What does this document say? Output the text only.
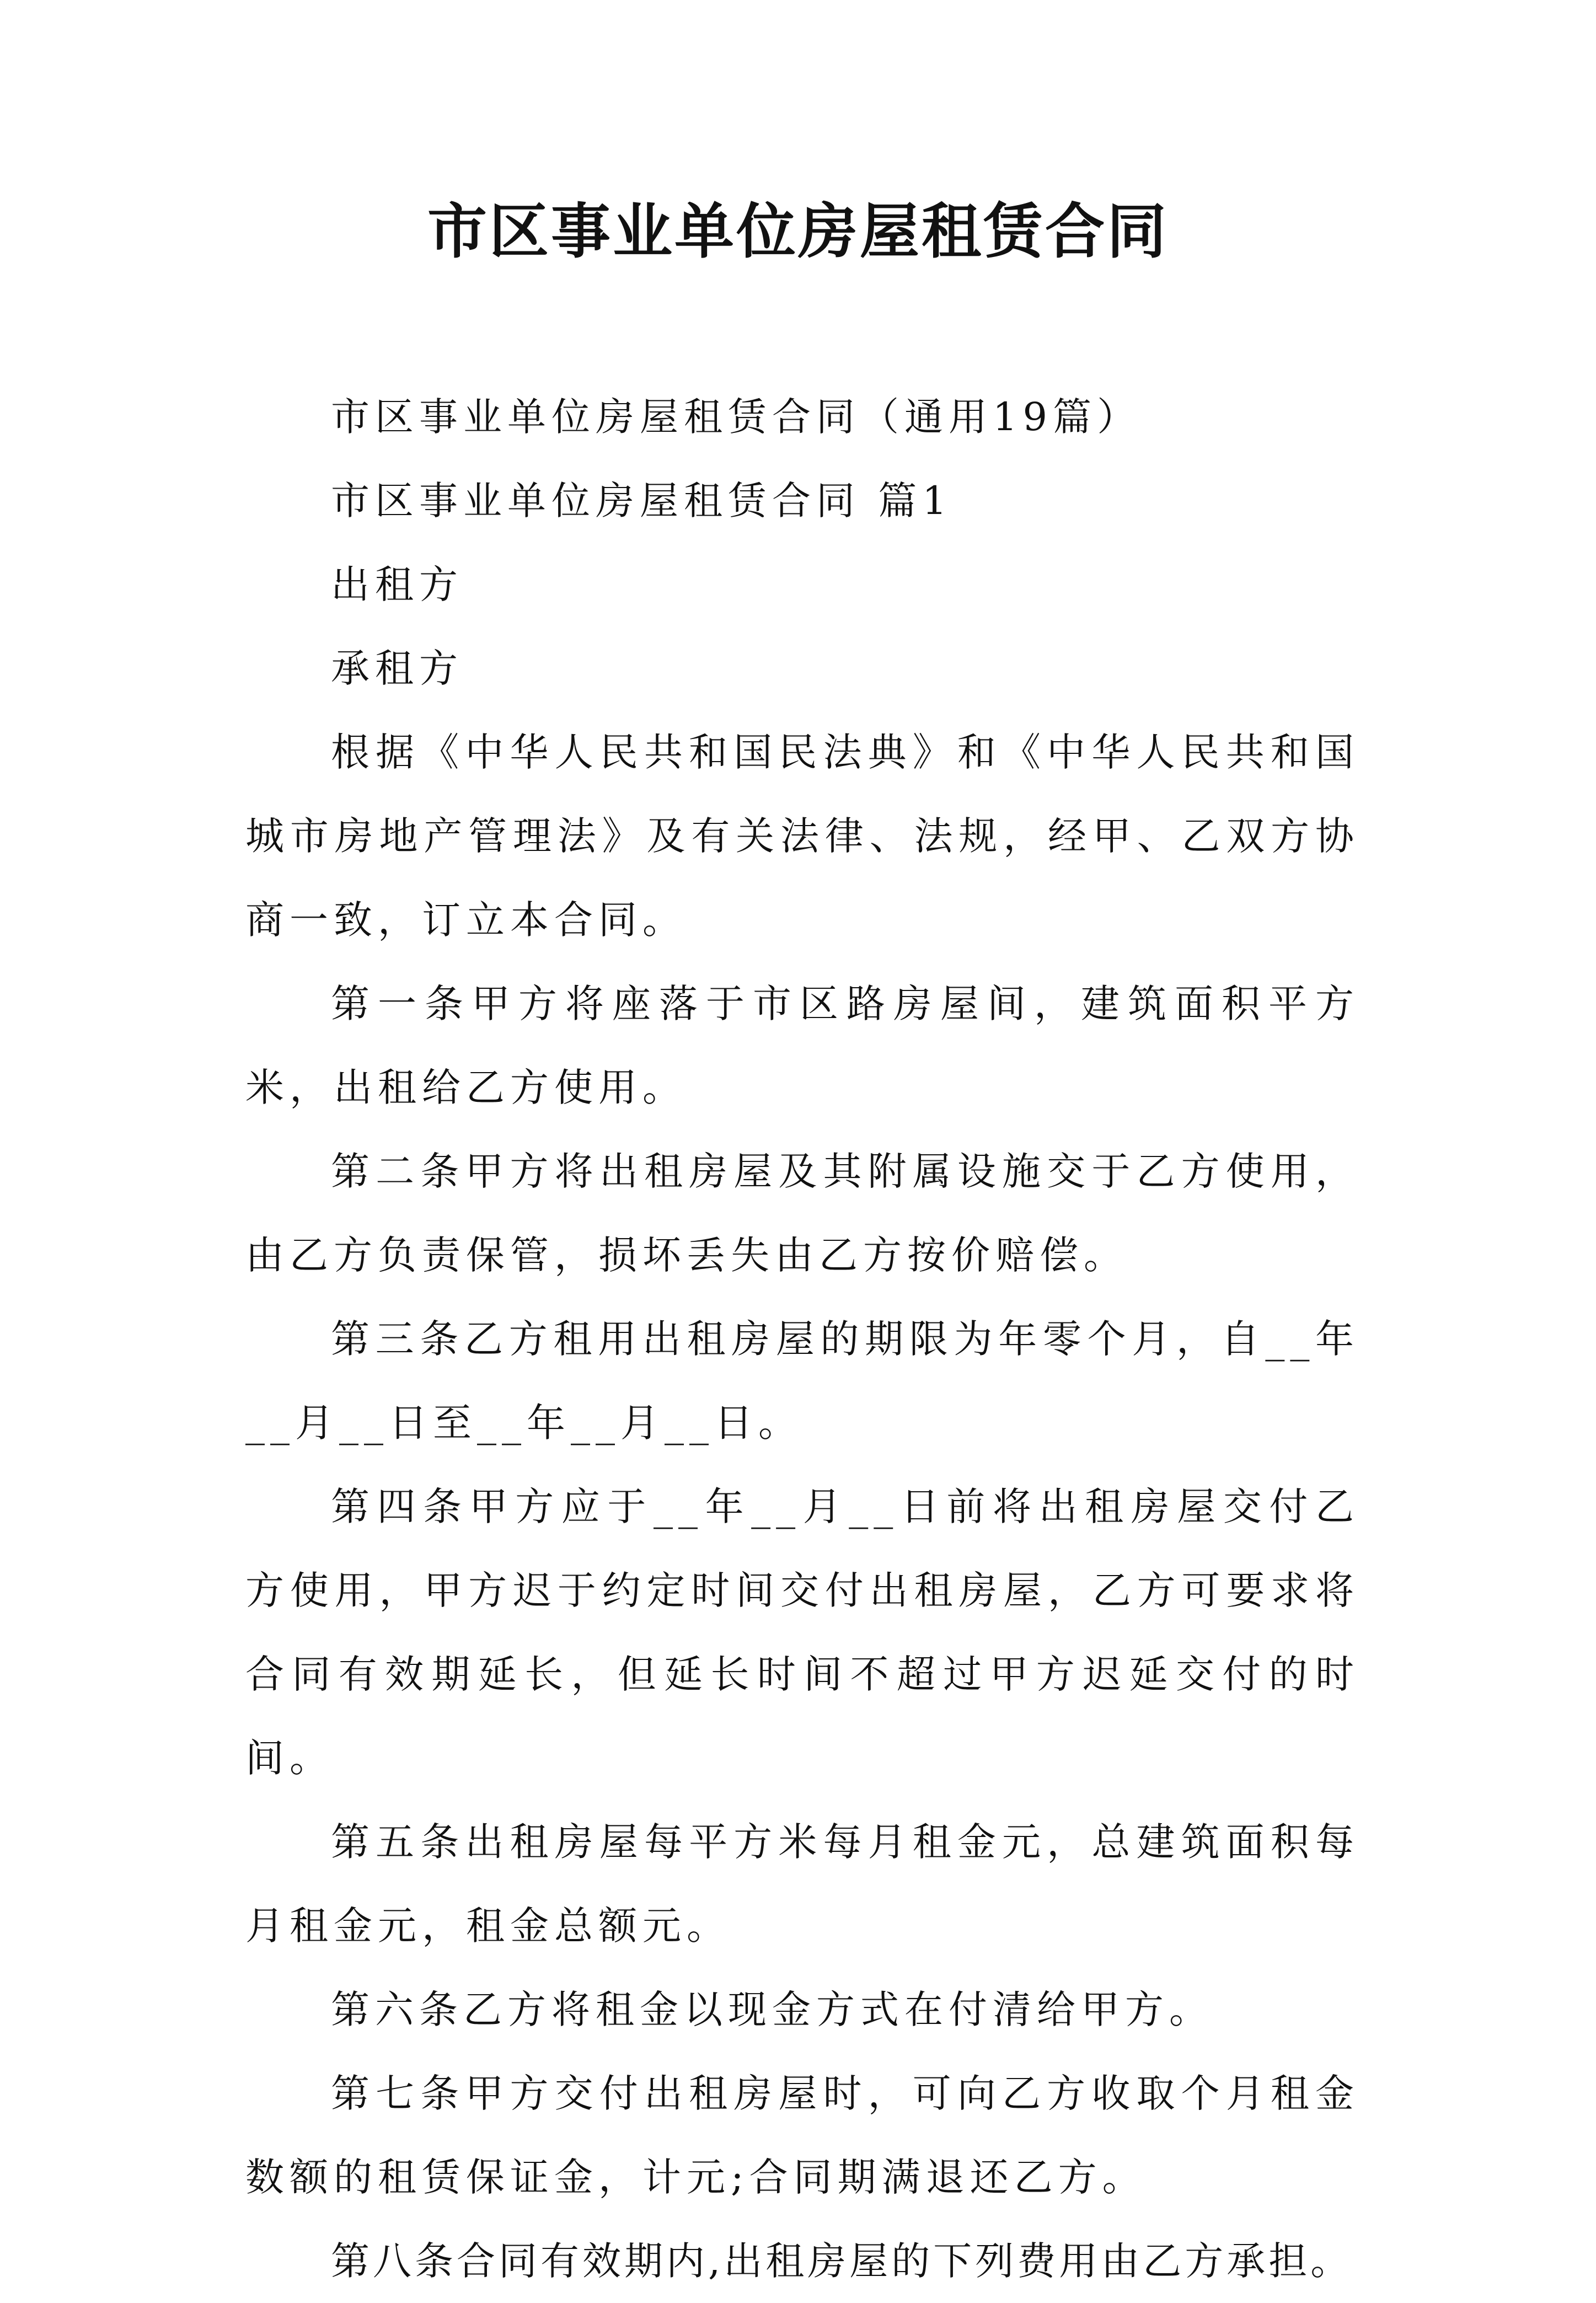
市区事业单位房屋租赁合同

市区事业单位房屋租赁合同（通用19篇）

市区事业单位房屋租赁合同 篇1

出租方

承租方

根据《中华人民共和国民法典》和《中华人民共和国城市房地产管理法》及有关法律、法规，经甲、乙双方协商一致，订立本合同。

第一条甲方将座落于市区路房屋间，建筑面积平方米，出租给乙方使用。

第二条甲方将出租房屋及其附属设施交于乙方使用，由乙方负责保管，损坏丢失由乙方按价赔偿。

第三条乙方租用出租房屋的期限为年零个月，自__年__月__日至__年__月__日。

第四条甲方应于__年__月__日前将出租房屋交付乙方使用，甲方迟于约定时间交付出租房屋，乙方可要求将合同有效期延长，但延长时间不超过甲方迟延交付的时间。

第五条出租房屋每平方米每月租金元，总建筑面积每月租金元，租金总额元。

第六条乙方将租金以现金方式在付清给甲方。

第七条甲方交付出租房屋时，可向乙方收取个月租金数额的租赁保证金，计元;合同期满退还乙方。

第八条合同有效期内,出租房屋的下列费用由乙方承担。
